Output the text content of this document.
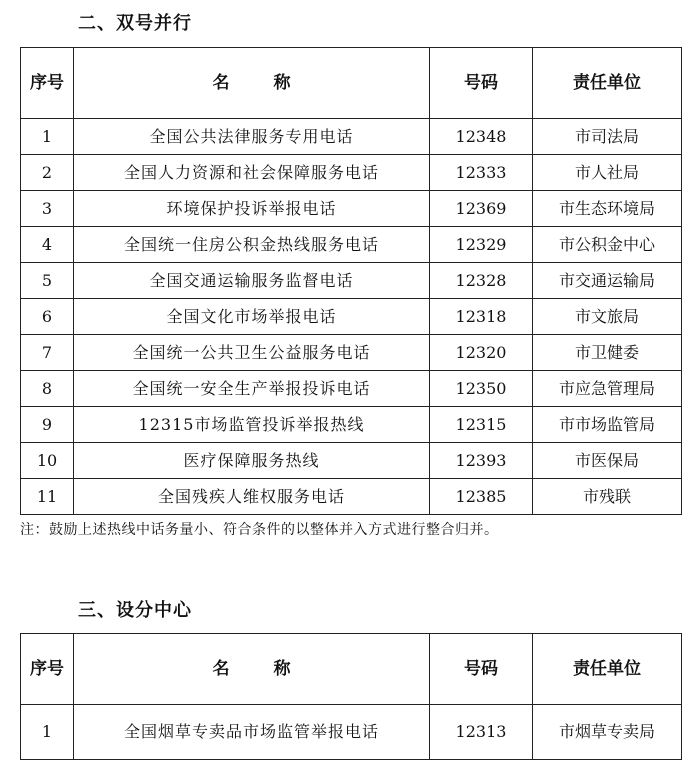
二、双号并行
序号	名 称	号码	责任单位
1	全国公共法律服务专用电话	12348	市司法局
2	全国人力资源和社会保障服务电话	12333	市人社局
3	环境保护投诉举报电话	12369	市生态环境局
4	全国统一住房公积金热线服务电话	12329	市公积金中心
5	全国交通运输服务监督电话	12328	市交通运输局
6	全国文化市场举报电话	12318	市文旅局
7	全国统一公共卫生公益服务电话	12320	市卫健委
8	全国统一安全生产举报投诉电话	12350	市应急管理局
9	12315市场监管投诉举报热线	12315	市市场监管局
10	医疗保障服务热线	12393	市医保局
11	全国残疾人维权服务电话	12385	市残联
注：鼓励上述热线中话务量小、符合条件的以整体并入方式进行整合归并。
三、设分中心
序号	名 称	号码	责任单位
1	全国烟草专卖品市场监管举报电话	12313	市烟草专卖局
